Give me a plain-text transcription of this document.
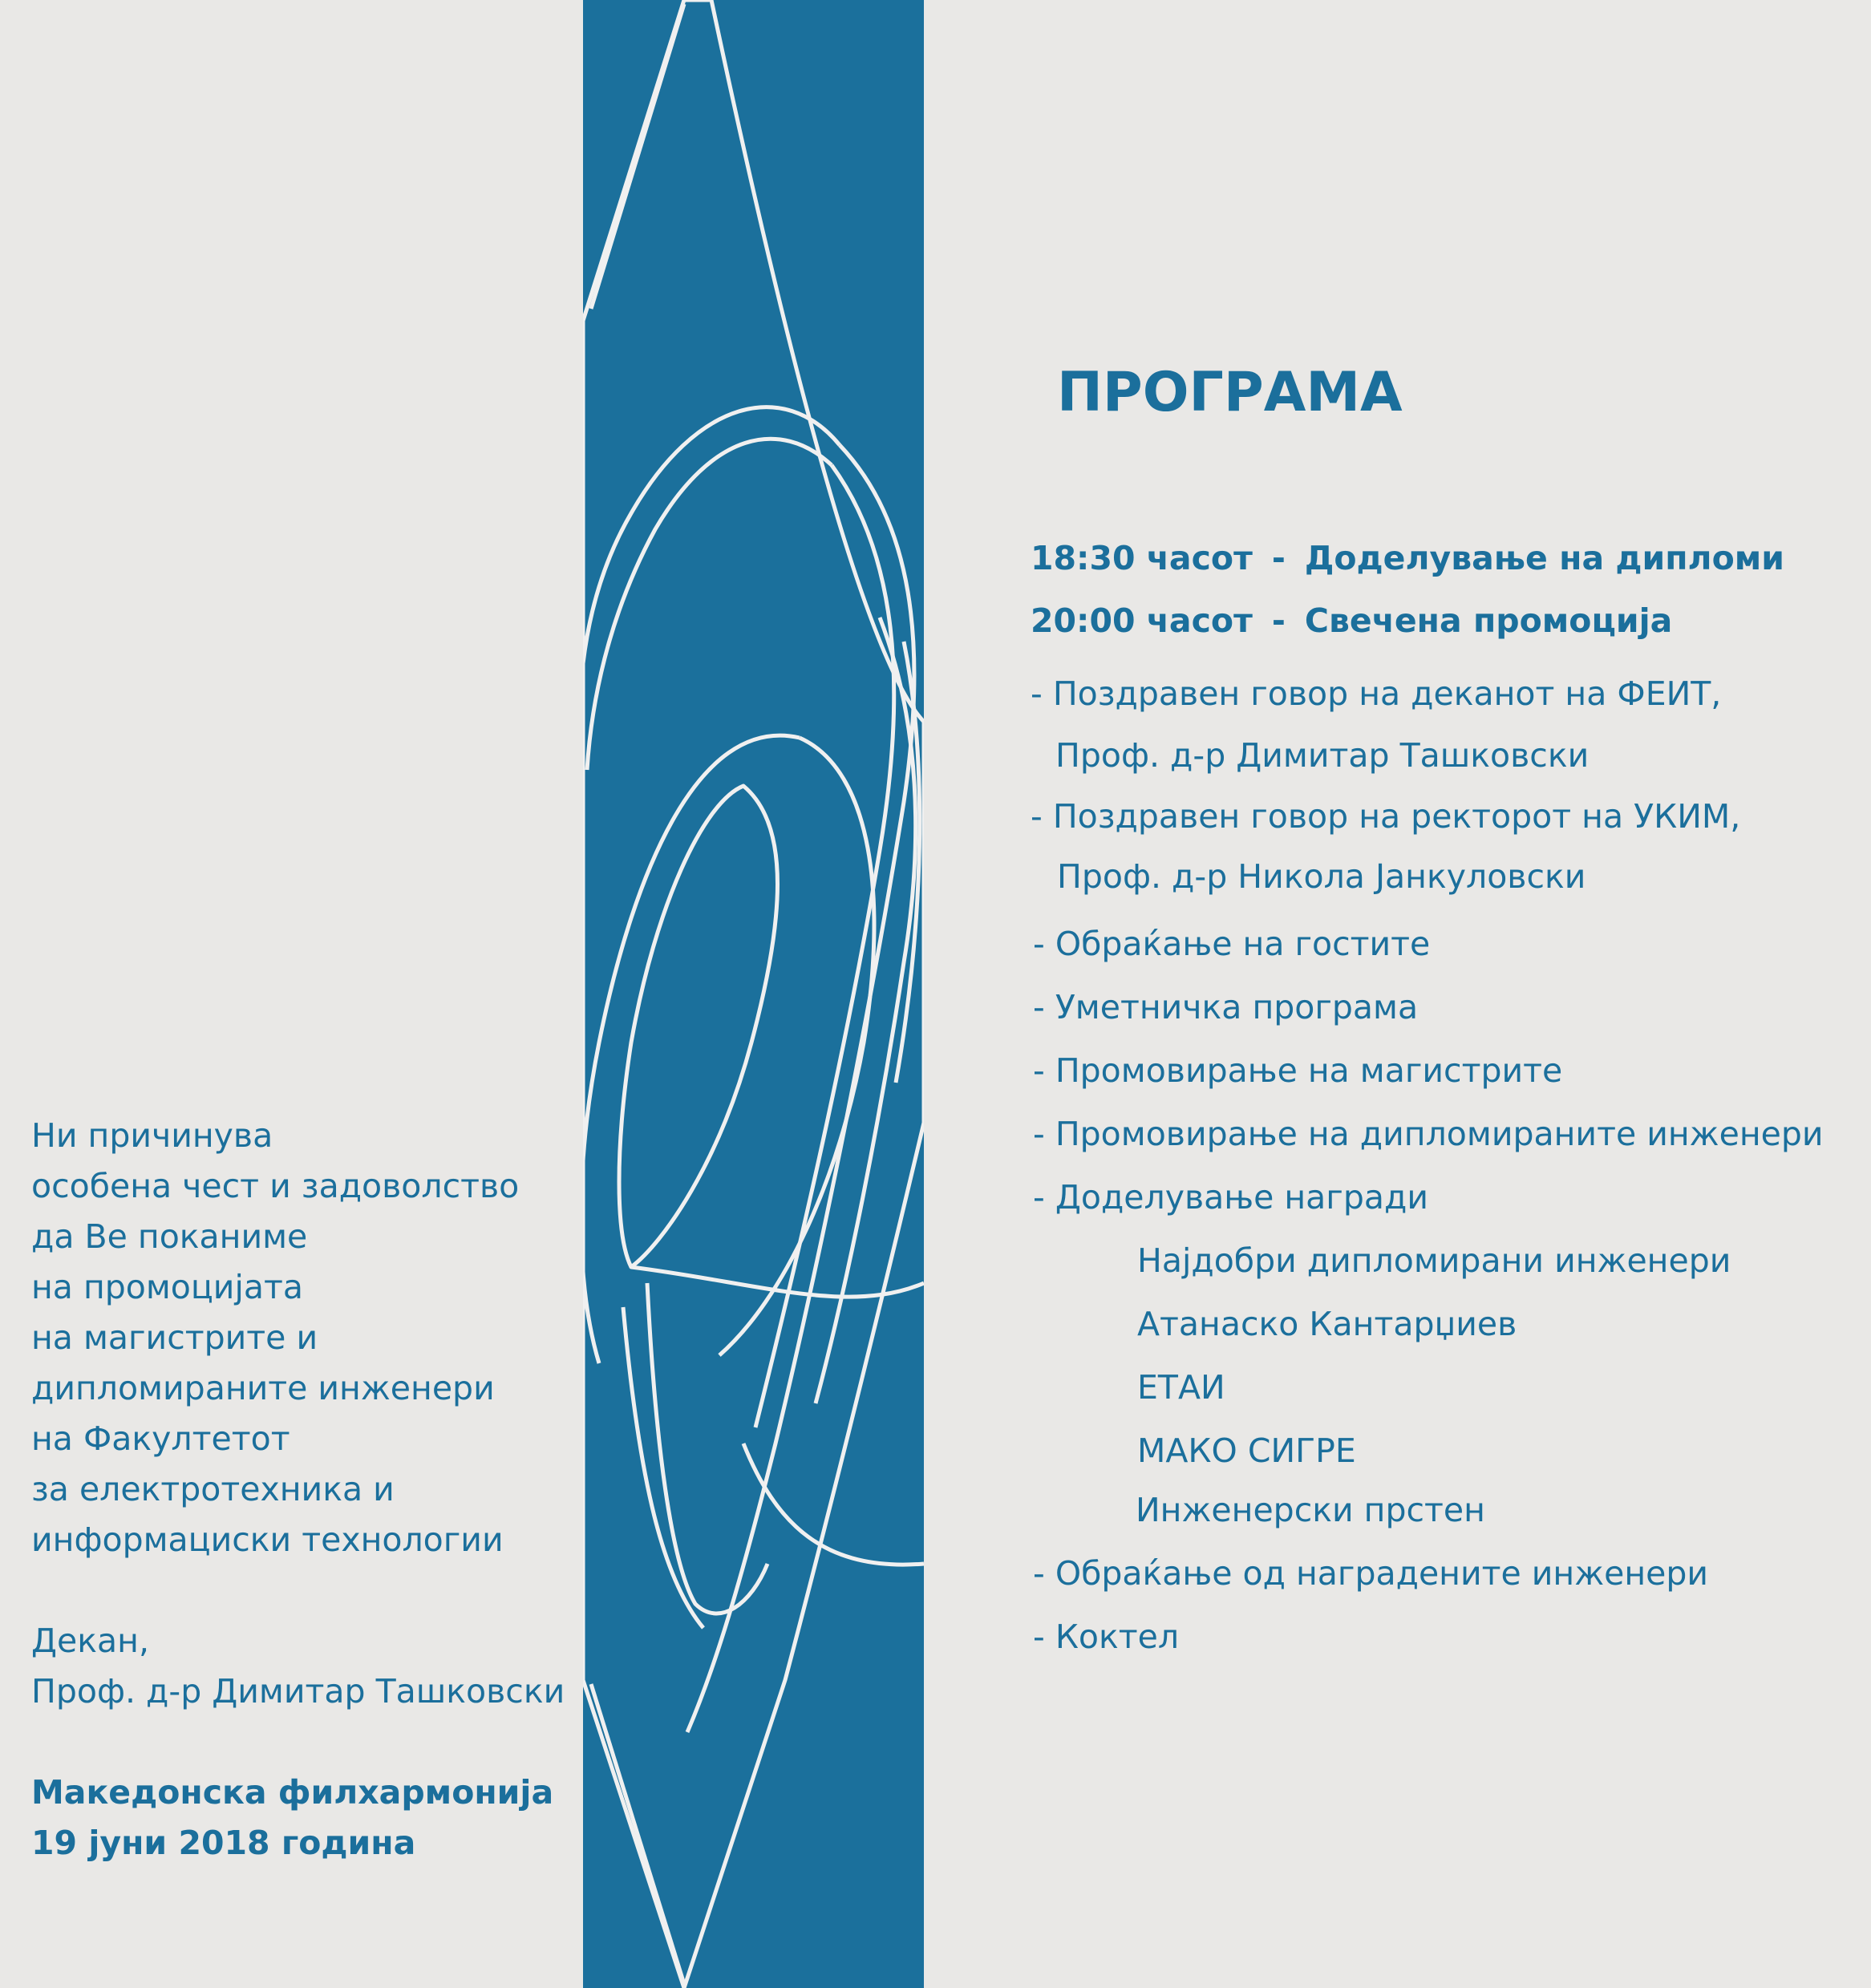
Ни причинува
особена чест и задоволство
да Ве поканиме
на промоцијата
на магистрите и
дипломираните инженери
на Факултетот
за електротехника и
информациски технологии
Декан,
Проф. д-р Димитар Ташковски
Македонска филхармонија
19 јуни 2018 година
ПРОГРАМА
18:30 часот - Доделување на дипломи
20:00 часот - Свечена промоција
- Поздравен говор на деканот на ФЕИТ,
Проф. д-р Димитар Ташковски
- Поздравен говор на ректорот на УКИМ,
Проф. д-р Никола Јанкуловски
- Обраќање на гостите
- Уметничка програма
- Промовирање на магистрите
- Промовирање на дипломираните инженери
- Доделување награди
Најдобри дипломирани инженери
Атанаско Кантарџиев
ЕТАИ
МАКО СИГРЕ
Инженерски прстен
- Обраќање од наградените инженери
- Коктел
